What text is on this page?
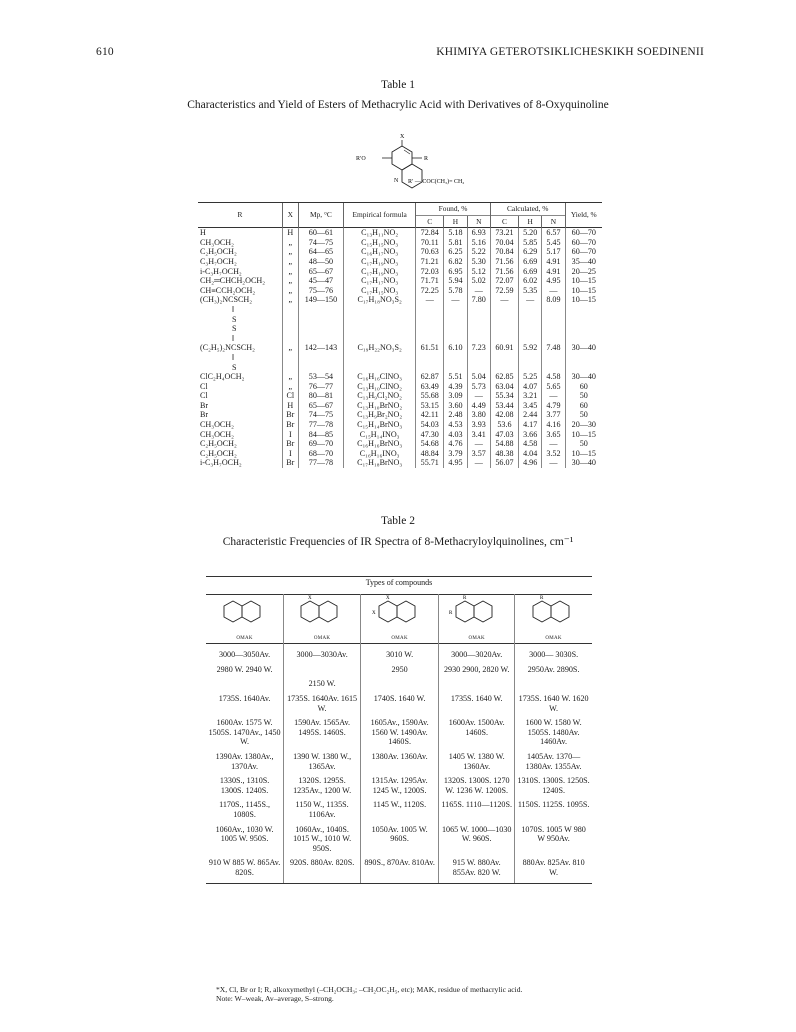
610	KHIMIYA GETEROTSIKLICHESKIKH SOEDINENII
Table 1
Characteristics and Yield of Esters of Methacrylic Acid with Derivatives of 8-Oxyquinoline
X
R
R′O
N R′ — COC(CH₃)= CH₂
R	X	Mp, °C	Empirical formula	Found, %			Calculated, %			Yield, %
				C	H	N	C	H	N	
H	H	60—61	C₁₃H₁₁NO₂	72.84	5.18	6.93	73.21	5.20	6.57	60—70
CH₃OCH₂	„	74—75	C₁₅H₁₅NO₃	70.11	5.81	5.16	70.04	5.85	5.45	60—70
C₂H₅OCH₂	„	64—65	C₁₆H₁₇NO₃	70.63	6.25	5.22	70.84	6.29	5.17	60—70
C₃H₇OCH₂	„	48—50	C₁₇H₁₉NO₃	71.21	6.82	5.30	71.56	6.69	4.91	35—40
i-C₃H₇OCH₂	„	65—67	C₁₇H₁₉NO₃	72.03	6.95	5.12	71.56	6.69	4.91	20—25
CH₂═CHCH₂OCH₂	„	45—47	C₁₇H₁₇NO₃	71.71	5.94	5.02	72.07	6.02	4.95	10—15
CH≡CCH₂OCH₂	„	75—76	C₁₇H₁₅NO₃	72.25	5.78	—	72.59	5.35	—	10—15
(CH₃)₂NCSCH₂	„	149—150	C₁₇H₁₈NO₃S₂	—	—	7.80	—	—	8.09	10—15
‖										
S										
S										
‖										
(C₂H₅)₂NCSCH₂	„	142—143	C₁₉H₂₂NO₃S₂	61.51	6.10	7.23	60.91	5.92	7.48	30—40
‖										
S										
ClC₂H₄OCH₂	„	53—54	C₁₆H₁₆ClNO₃	62.87	5.51	5.04	62.85	5.25	4.58	30—40
Cl	„	76—77	C₁₃H₁₀ClNO₂	63.49	4.39	5.73	63.04	4.07	5.65	60
Cl	Cl	80—81	C₁₃H₉Cl₂NO₂	55.68	3.09	—	55.34	3.21	—	50
Br	H	65—67	C₁₃H₁₀BrNO₂	53.15	3.60	4.49	53.44	3.45	4.79	60
Br	Br	74—75	C₁₃H₉Br₂NO₂	42.11	2.48	3.80	42.08	2.44	3.77	50
CH₃OCH₂	Br	77—78	C₁₅H₁₄BrNO₃	54.03	4.53	3.93	53.6	4.17	4.16	20—30
CH₃OCH₂	I	84—85	C₁₅H₁₄INO₃	47.30	4.03	3.41	47.03	3.66	3.65	10—15
C₂H₅OCH₂	Br	69—70	C₁₆H₁₆BrNO₃	54.68	4.76	—	54.88	4.58	—	50
C₂H₅OCH₂	I	68—70	C₁₆H₁₆INO₃	48.84	3.79	3.57	48.38	4.04	3.52	10—15
i-C₃H₇OCH₂	Br	77—78	C₁₇H₁₈BrNO₃	55.71	4.95	—	56.07	4.96	—	30—40
Table 2
Characteristic Frequencies of IR Spectra of 8-Methacryloylquinolines, cm⁻¹
Types of compounds
OMAK	X
OMAK	X
X
OMAK	R
R
OMAK	R
OMAK

3000—3050Av.	3000—3030Av.	3010 W.	3000—3020Av.	3000— 3030S.
2980 W. 2940 W.		2950	2930 2900, 2820 W.	2950Av. 2890S.
	2150 W.			
1735S. 1640Av.	1735S. 1640Av. 1615 W.	1740S. 1640 W.	1735S. 1640 W.	1735S. 1640 W. 1620 W.
1600Av. 1575 W. 1505S. 1470Av., 1450 W.	1590Av. 1565Av. 1495S. 1460S.	1605Av., 1590Av. 1560 W. 1490Av. 1460S.	1600Av. 1500Av. 1460S.	1600 W. 1580 W. 1505S. 1480Av. 1460Av.
1390Av. 1380Av., 1370Av.	1390 W. 1380 W., 1365Av.	1380Av. 1360Av.	1405 W. 1380 W. 1360Av.	1405Av. 1370— 1380Av. 1355Av.
1330S., 1310S. 1300S. 1240S.	1320S. 1295S. 1235Av., 1200 W.	1315Av. 1295Av. 1245 W., 1200S.	1320S. 1300S. 1270 W. 1236 W. 1200S.	1310S. 1300S. 1250S. 1240S.
1170S., 1145S., 1080S.	1150 W., 1135S. 1106Av.	1145 W., 1120S.	1165S. 1110—1120S.	1150S. 1125S. 1095S.
1060Av., 1030 W. 1005 W. 950S.	1060Av., 1040S. 1015 W., 1010 W. 950S.	1050Av. 1005 W. 960S.	1065 W. 1000—1030 W. 960S.	1070S. 1005 W 980 W 950Av.
910 W 885 W. 865Av. 820S.	920S. 880Av. 820S.	890S., 870Av. 810Av.	915 W. 880Av. 855Av. 820 W.	880Av. 825Av. 810 W.

*X, Cl, Br or I; R, alkoxymethyl (–CH₂OCH₃; –CH₂OC₂H₅, etc); MAK, residue of methacrylic acid.
Note: W–weak, Av–average, S–strong.
